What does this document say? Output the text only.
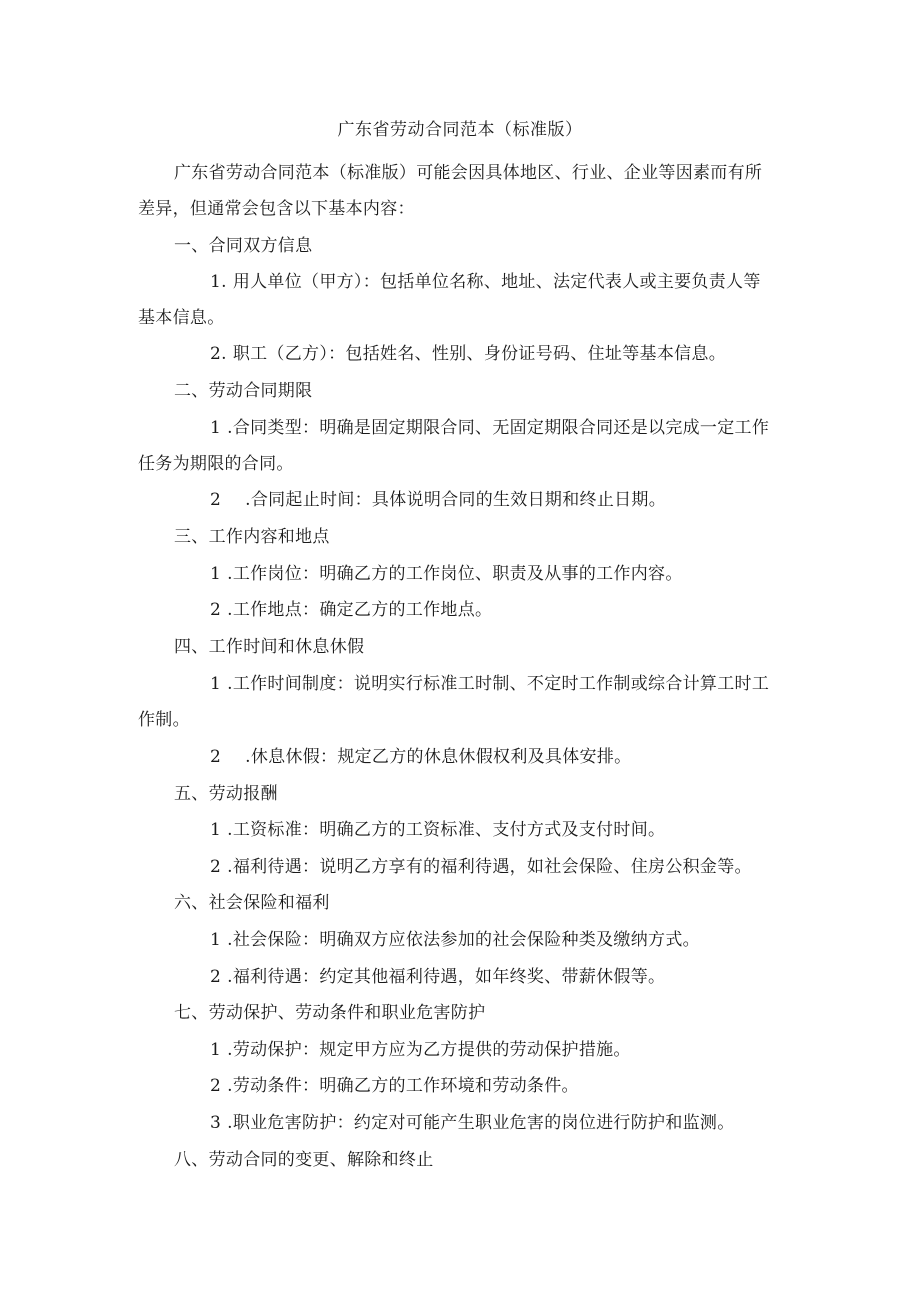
广东省劳动合同范本（标准版）
广东省劳动合同范本（标准版）可能会因具体地区、行业、企业等因素而有所差异，但通常会包含以下基本内容：
一、合同双方信息
1. 用人单位（甲方）：包括单位名称、地址、法定代表人或主要负责人等基本信息。
2. 职工（乙方）：包括姓名、性别、身份证号码、住址等基本信息。
二、劳动合同期限
1 .合同类型：明确是固定期限合同、无固定期限合同还是以完成一定工作任务为期限的合同。
2 .合同起止时间：具体说明合同的生效日期和终止日期。
三、工作内容和地点
1 .工作岗位：明确乙方的工作岗位、职责及从事的工作内容。
2 .工作地点：确定乙方的工作地点。
四、工作时间和休息休假
1 .工作时间制度：说明实行标准工时制、不定时工作制或综合计算工时工作制。
2 .休息休假：规定乙方的休息休假权利及具体安排。
五、劳动报酬
1 .工资标准：明确乙方的工资标准、支付方式及支付时间。
2 .福利待遇：说明乙方享有的福利待遇，如社会保险、住房公积金等。
六、社会保险和福利
1 .社会保险：明确双方应依法参加的社会保险种类及缴纳方式。
2 .福利待遇：约定其他福利待遇，如年终奖、带薪休假等。
七、劳动保护、劳动条件和职业危害防护
1 .劳动保护：规定甲方应为乙方提供的劳动保护措施。
2 .劳动条件：明确乙方的工作环境和劳动条件。
3 .职业危害防护：约定对可能产生职业危害的岗位进行防护和监测。
八、劳动合同的变更、解除和终止
